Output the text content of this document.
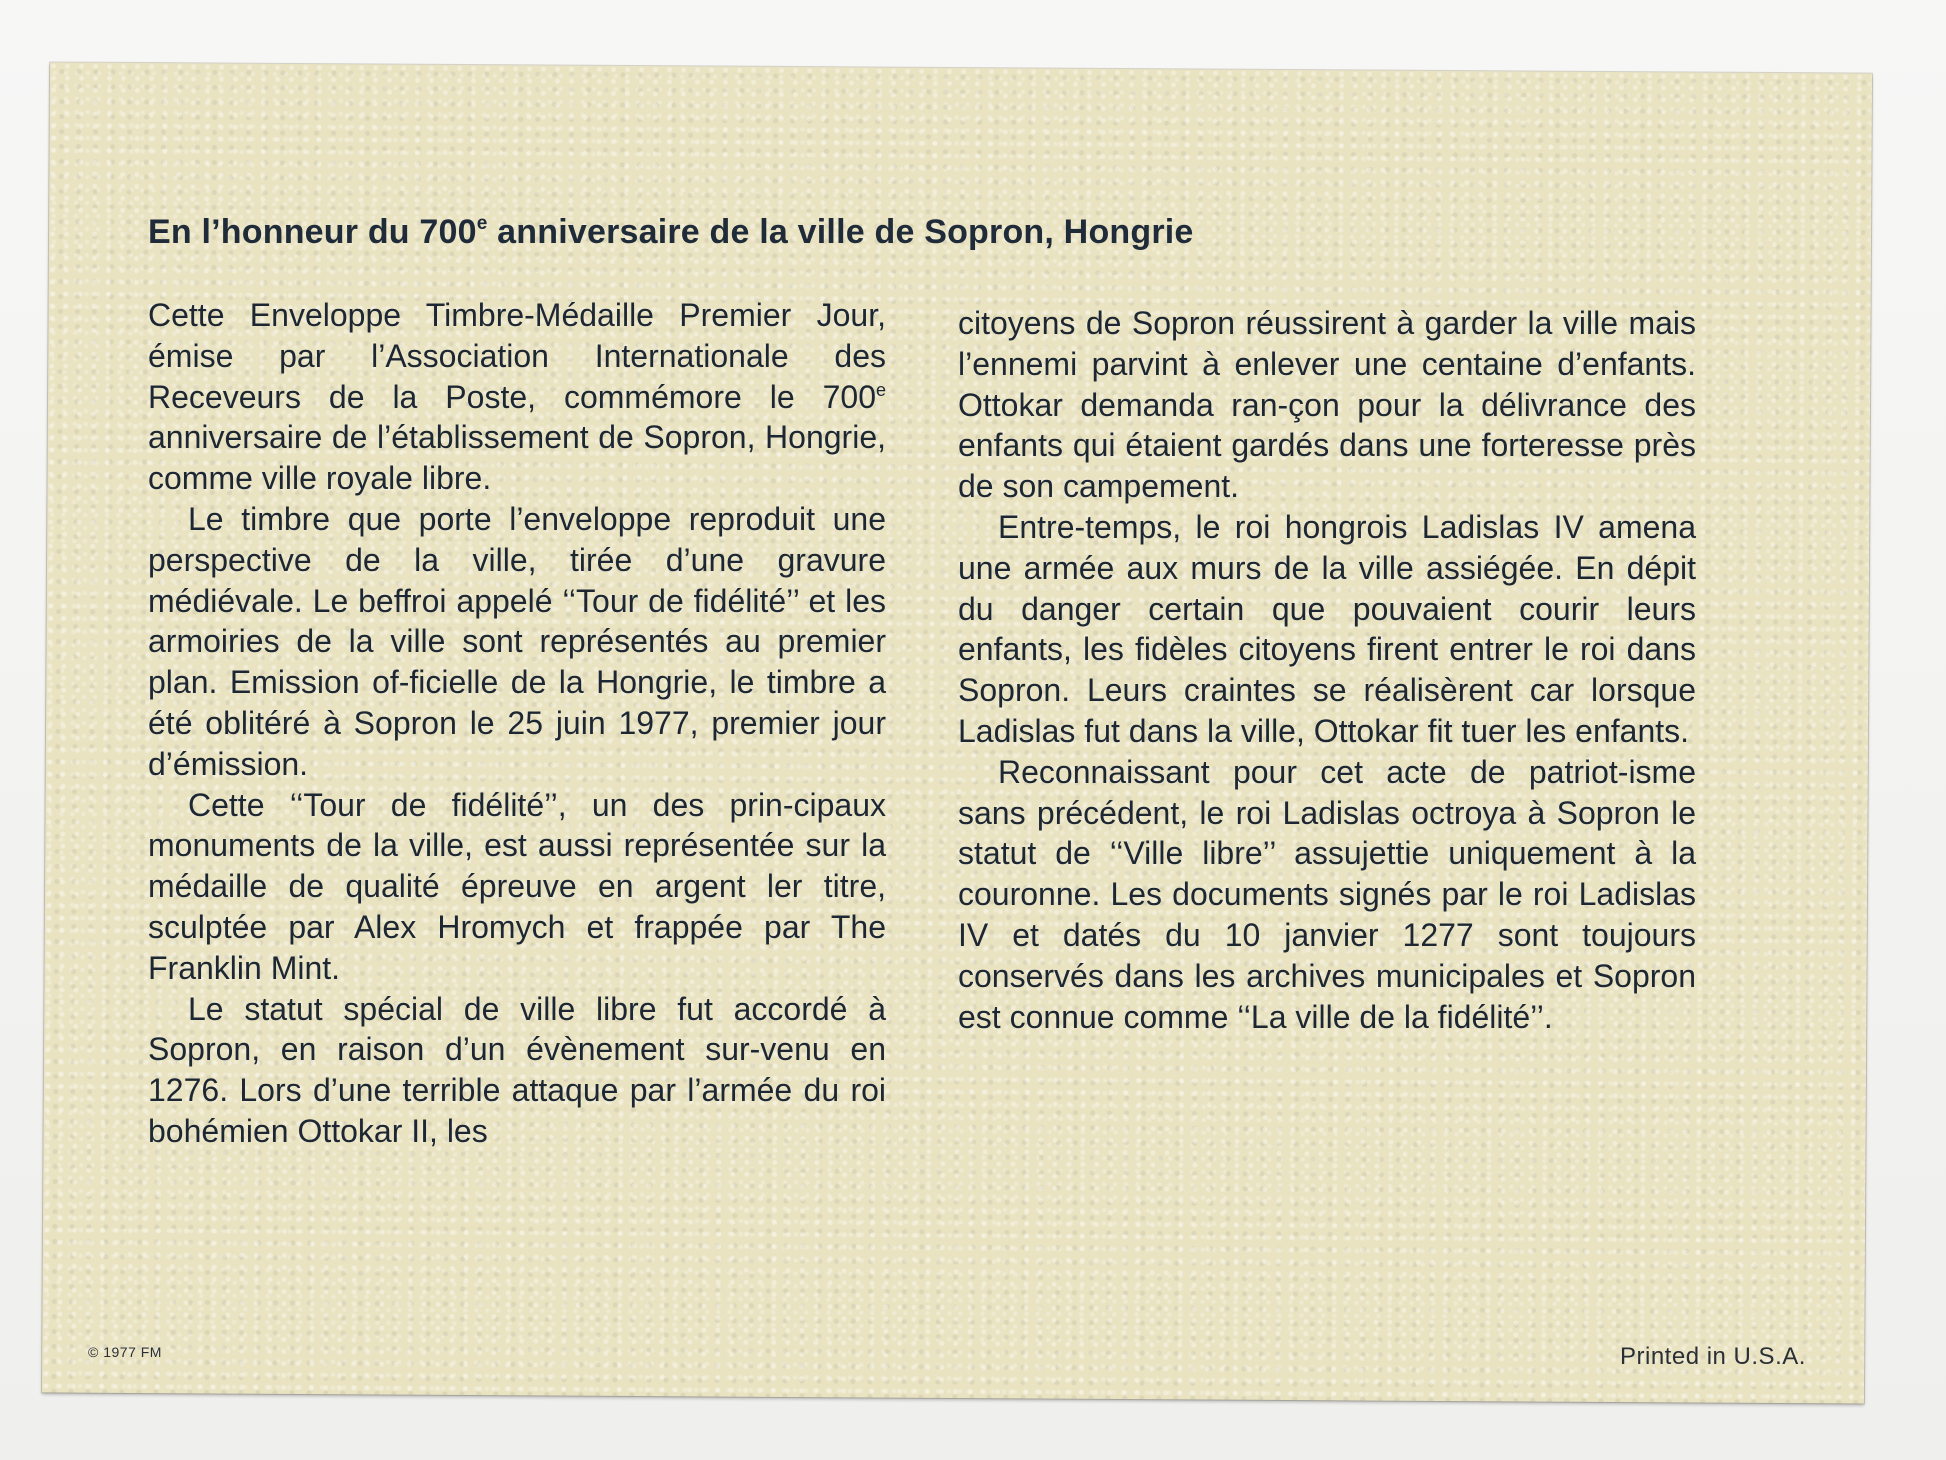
En l’honneur du 700e anniversaire de la ville de Sopron, Hongrie

Cette Enveloppe Timbre-Médaille Premier Jour, émise par l’Association Internationale des Receveurs de la Poste, commémore le 700e anniversaire de l’établissement de Sopron, Hongrie, comme ville royale libre.

Le timbre que porte l’enveloppe reproduit une perspective de la ville, tirée d’une gravure médiévale. Le beffroi appelé ‘‘Tour de fidélité’’ et les armoiries de la ville sont représentés au premier plan. Emission of-ficielle de la Hongrie, le timbre a été oblitéré à Sopron le 25 juin 1977, premier jour d’émission.

Cette ‘‘Tour de fidélité’’, un des prin-cipaux monuments de la ville, est aussi représentée sur la médaille de qualité épreuve en argent ler titre, sculptée par Alex Hromych et frappée par The Franklin Mint.

Le statut spécial de ville libre fut accordé à Sopron, en raison d’un évènement sur-venu en 1276. Lors d’une terrible attaque par l’armée du roi bohémien Ottokar II, les

citoyens de Sopron réussirent à garder la ville mais l’ennemi parvint à enlever une centaine d’enfants. Ottokar demanda ran-çon pour la délivrance des enfants qui étaient gardés dans une forteresse près de son campement.

Entre-temps, le roi hongrois Ladislas IV amena une armée aux murs de la ville assiégée. En dépit du danger certain que pouvaient courir leurs enfants, les fidèles citoyens firent entrer le roi dans Sopron. Leurs craintes se réalisèrent car lorsque Ladislas fut dans la ville, Ottokar fit tuer les enfants.

Reconnaissant pour cet acte de patriot-isme sans précédent, le roi Ladislas octroya à Sopron le statut de ‘‘Ville libre’’ assujettie uniquement à la couronne. Les documents signés par le roi Ladislas IV et datés du 10 janvier 1277 sont toujours conservés dans les archives municipales et Sopron est connue comme ‘‘La ville de la fidélité’’.

© 1977 FM	Printed in U.S.A.
